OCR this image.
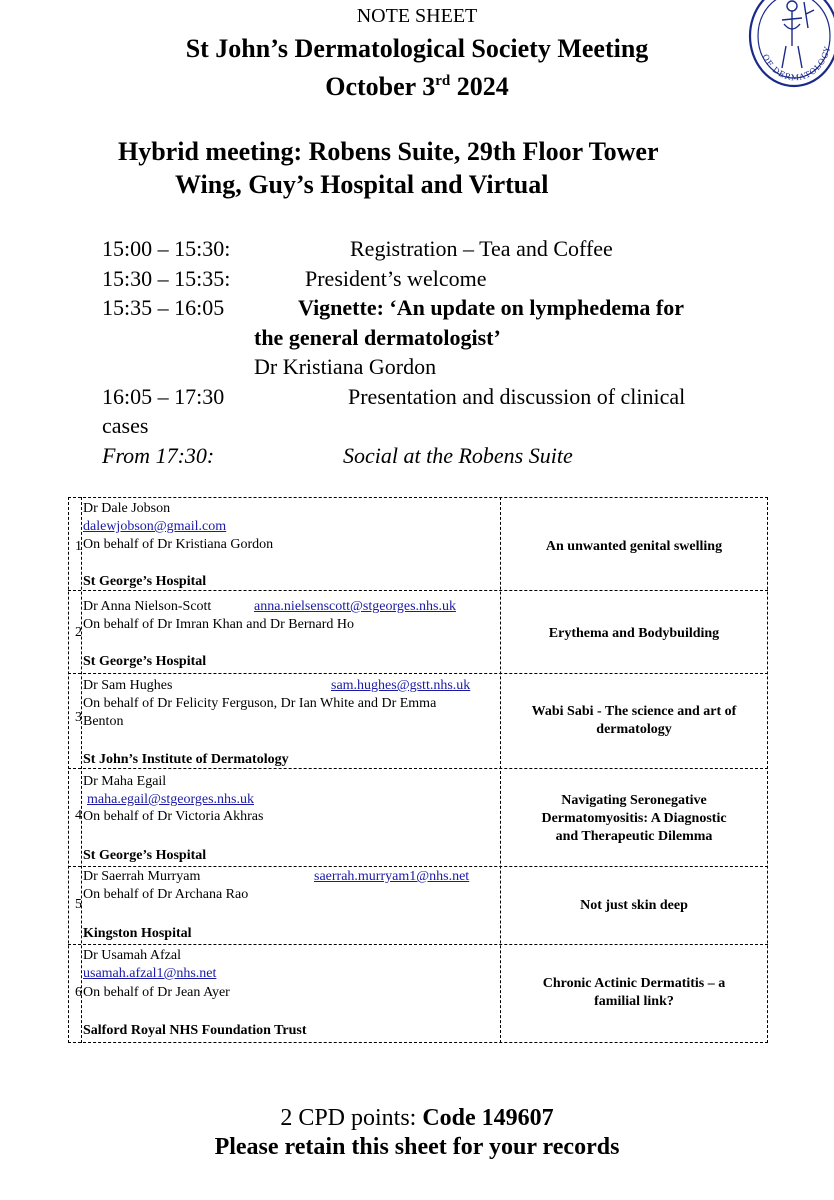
NOTE SHEET
St John’s Dermatological Society Meeting
October 3rd 2024
OF DERMATOLOGY
Hybrid meeting: Robens Suite, 29th Floor Tower
Wing, Guy’s Hospital and Virtual
15:00 – 15:30:	Registration – Tea and Coffee
15:30 – 15:35:	President’s welcome
15:35 – 16:05	Vignette: ‘An update on lymphedema for
the general dermatologist’
Dr Kristiana Gordon
16:05 – 17:30	Presentation and discussion of clinical
cases
From 17:30:	Social at the Robens Suite
1
Dr Dale Jobson
dalewjobson@gmail.com
On behalf of Dr Kristiana Gordon
St George’s Hospital
An unwanted genital swelling
2
Dr Anna Nielson-Scott	anna.nielsenscott@stgeorges.nhs.uk
On behalf of Dr Imran Khan and Dr Bernard Ho
St George’s Hospital
Erythema and Bodybuilding
3
Dr Sam Hughes	sam.hughes@gstt.nhs.uk
On behalf of Dr Felicity Ferguson, Dr Ian White and Dr Emma
Benton
St John’s Institute of Dermatology
Wabi Sabi - The science and art of
dermatology
4
Dr Maha Egail
maha.egail@stgeorges.nhs.uk
On behalf of Dr Victoria Akhras
St George’s Hospital
Navigating Seronegative
Dermatomyositis: A Diagnostic
and Therapeutic Dilemma
5
Dr Saerrah Murryam	saerrah.murryam1@nhs.net
On behalf of Dr Archana Rao
Kingston Hospital
Not just skin deep
6
Dr Usamah Afzal
usamah.afzal1@nhs.net
On behalf of Dr Jean Ayer
Salford Royal NHS Foundation Trust
Chronic Actinic Dermatitis – a
familial link?
2 CPD points: Code 149607
Please retain this sheet for your records
